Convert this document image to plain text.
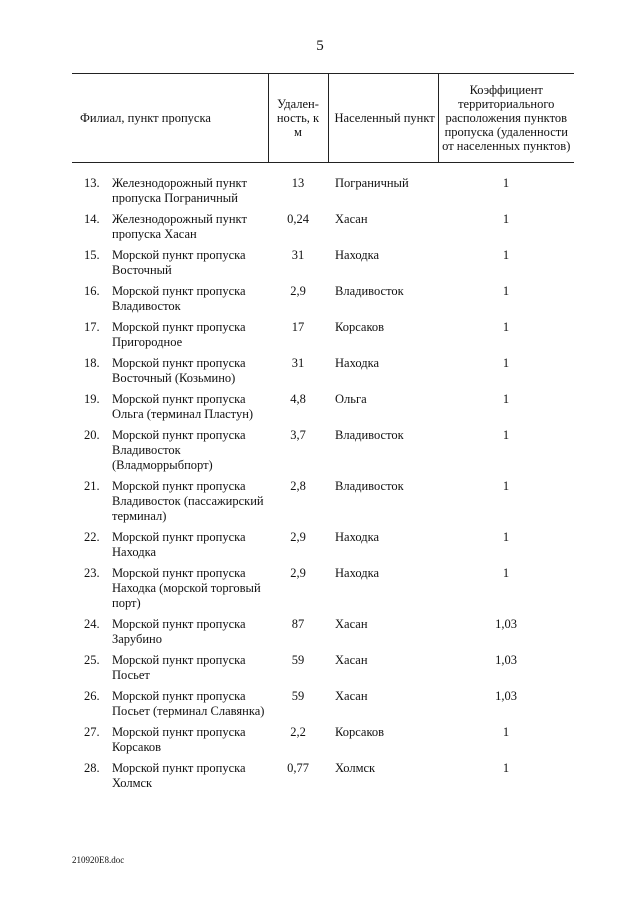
5
Филиал, пункт пропуска		Удален-ность, км	Населенный пункт	Коэффициент территориального расположения пунктов пропуска (удаленности от населенных пунктов)
13.	Железнодорожный пункт пропуска Пограничный	13	Пограничный	1
14.	Железнодорожный пункт пропуска Хасан	0,24	Хасан	1
15.	Морской пункт пропуска Восточный	31	Находка	1
16.	Морской пункт пропуска Владивосток	2,9	Владивосток	1
17.	Морской пункт пропуска Пригородное	17	Корсаков	1
18.	Морской пункт пропуска Восточный (Козьмино)	31	Находка	1
19.	Морской пункт пропуска Ольга (терминал Пластун)	4,8	Ольга	1
20.	Морской пункт пропуска Владивосток (Владморрыбпорт)	3,7	Владивосток	1
21.	Морской пункт пропуска Владивосток (пассажирский терминал)	2,8	Владивосток	1
22.	Морской пункт пропуска Находка	2,9	Находка	1
23.	Морской пункт пропуска Находка (морской торговый порт)	2,9	Находка	1
24.	Морской пункт пропуска Зарубино	87	Хасан	1,03
25.	Морской пункт пропуска Посьет	59	Хасан	1,03
26.	Морской пункт пропуска Посьет (терминал Славянка)	59	Хасан	1,03
27.	Морской пункт пропуска Корсаков	2,2	Корсаков	1
28.	Морской пункт пропуска Холмск	0,77	Холмск	1
210920E8.doc
